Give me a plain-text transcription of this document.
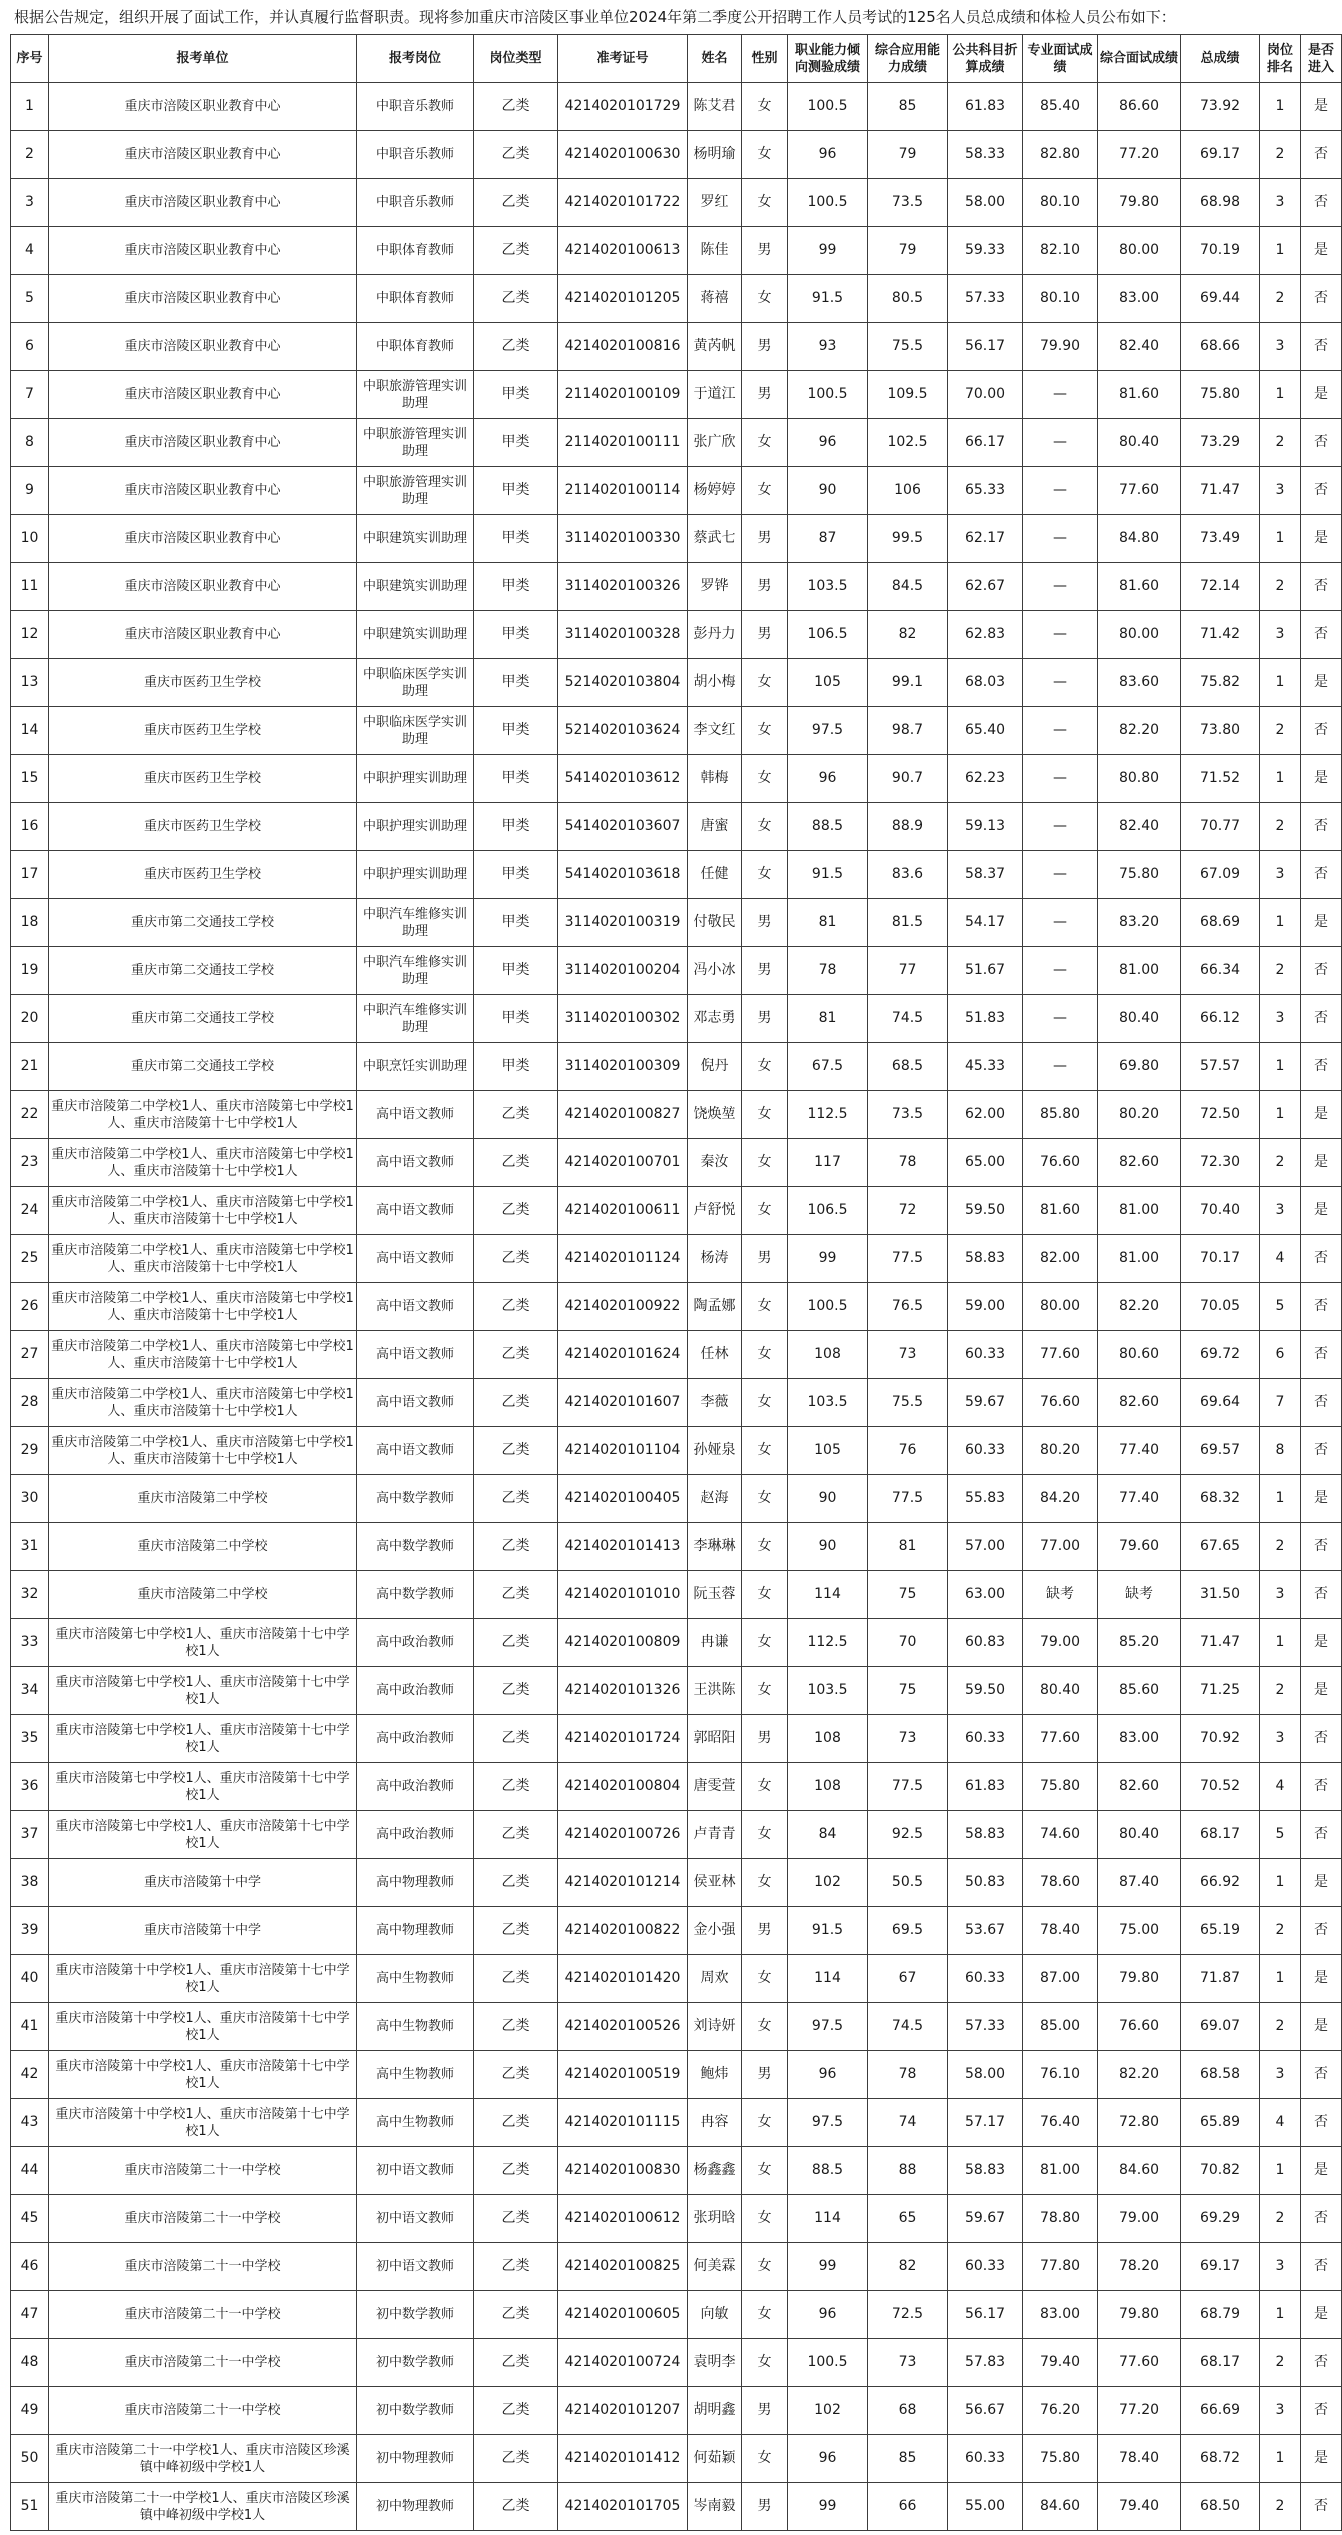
根据公告规定，组织开展了面试工作，并认真履行监督职责。现将参加重庆市涪陵区事业单位2024年第二季度公开招聘工作人员考试的125名人员总成绩和体检人员公布如下：
序号	报考单位	报考岗位	岗位类型	准考证号	姓名	性别	职业能力倾向测验成绩	综合应用能力成绩	公共科目折算成绩	专业面试成绩	综合面试成绩	总成绩	岗位排名	是否进入
1	重庆市涪陵区职业教育中心	中职音乐教师	乙类	4214020101729	陈艾君	女	100.5	85	61.83	85.40	86.60	73.92	1	是
2	重庆市涪陵区职业教育中心	中职音乐教师	乙类	4214020100630	杨明瑜	女	96	79	58.33	82.80	77.20	69.17	2	否
3	重庆市涪陵区职业教育中心	中职音乐教师	乙类	4214020101722	罗红	女	100.5	73.5	58.00	80.10	79.80	68.98	3	否
4	重庆市涪陵区职业教育中心	中职体育教师	乙类	4214020100613	陈佳	男	99	79	59.33	82.10	80.00	70.19	1	是
5	重庆市涪陵区职业教育中心	中职体育教师	乙类	4214020101205	蒋禧	女	91.5	80.5	57.33	80.10	83.00	69.44	2	否
6	重庆市涪陵区职业教育中心	中职体育教师	乙类	4214020100816	黄芮帆	男	93	75.5	56.17	79.90	82.40	68.66	3	否
7	重庆市涪陵区职业教育中心	中职旅游管理实训助理	甲类	2114020100109	于道江	男	100.5	109.5	70.00	—	81.60	75.80	1	是
8	重庆市涪陵区职业教育中心	中职旅游管理实训助理	甲类	2114020100111	张广欣	女	96	102.5	66.17	—	80.40	73.29	2	否
9	重庆市涪陵区职业教育中心	中职旅游管理实训助理	甲类	2114020100114	杨婷婷	女	90	106	65.33	—	77.60	71.47	3	否
10	重庆市涪陵区职业教育中心	中职建筑实训助理	甲类	3114020100330	蔡武七	男	87	99.5	62.17	—	84.80	73.49	1	是
11	重庆市涪陵区职业教育中心	中职建筑实训助理	甲类	3114020100326	罗铧	男	103.5	84.5	62.67	—	81.60	72.14	2	否
12	重庆市涪陵区职业教育中心	中职建筑实训助理	甲类	3114020100328	彭丹力	男	106.5	82	62.83	—	80.00	71.42	3	否
13	重庆市医药卫生学校	中职临床医学实训助理	甲类	5214020103804	胡小梅	女	105	99.1	68.03	—	83.60	75.82	1	是
14	重庆市医药卫生学校	中职临床医学实训助理	甲类	5214020103624	李文红	女	97.5	98.7	65.40	—	82.20	73.80	2	否
15	重庆市医药卫生学校	中职护理实训助理	甲类	5414020103612	韩梅	女	96	90.7	62.23	—	80.80	71.52	1	是
16	重庆市医药卫生学校	中职护理实训助理	甲类	5414020103607	唐蜜	女	88.5	88.9	59.13	—	82.40	70.77	2	否
17	重庆市医药卫生学校	中职护理实训助理	甲类	5414020103618	任健	女	91.5	83.6	58.37	—	75.80	67.09	3	否
18	重庆市第二交通技工学校	中职汽车维修实训助理	甲类	3114020100319	付敬民	男	81	81.5	54.17	—	83.20	68.69	1	是
19	重庆市第二交通技工学校	中职汽车维修实训助理	甲类	3114020100204	冯小冰	男	78	77	51.67	—	81.00	66.34	2	否
20	重庆市第二交通技工学校	中职汽车维修实训助理	甲类	3114020100302	邓志勇	男	81	74.5	51.83	—	80.40	66.12	3	否
21	重庆市第二交通技工学校	中职烹饪实训助理	甲类	3114020100309	倪丹	女	67.5	68.5	45.33	—	69.80	57.57	1	否
22	重庆市涪陵第二中学校1人、重庆市涪陵第七中学校1人、重庆市涪陵第十七中学校1人	高中语文教师	乙类	4214020100827	饶焕堃	女	112.5	73.5	62.00	85.80	80.20	72.50	1	是
23	重庆市涪陵第二中学校1人、重庆市涪陵第七中学校1人、重庆市涪陵第十七中学校1人	高中语文教师	乙类	4214020100701	秦汝	女	117	78	65.00	76.60	82.60	72.30	2	是
24	重庆市涪陵第二中学校1人、重庆市涪陵第七中学校1人、重庆市涪陵第十七中学校1人	高中语文教师	乙类	4214020100611	卢舒悦	女	106.5	72	59.50	81.60	81.00	70.40	3	是
25	重庆市涪陵第二中学校1人、重庆市涪陵第七中学校1人、重庆市涪陵第十七中学校1人	高中语文教师	乙类	4214020101124	杨涛	男	99	77.5	58.83	82.00	81.00	70.17	4	否
26	重庆市涪陵第二中学校1人、重庆市涪陵第七中学校1人、重庆市涪陵第十七中学校1人	高中语文教师	乙类	4214020100922	陶孟娜	女	100.5	76.5	59.00	80.00	82.20	70.05	5	否
27	重庆市涪陵第二中学校1人、重庆市涪陵第七中学校1人、重庆市涪陵第十七中学校1人	高中语文教师	乙类	4214020101624	任林	女	108	73	60.33	77.60	80.60	69.72	6	否
28	重庆市涪陵第二中学校1人、重庆市涪陵第七中学校1人、重庆市涪陵第十七中学校1人	高中语文教师	乙类	4214020101607	李薇	女	103.5	75.5	59.67	76.60	82.60	69.64	7	否
29	重庆市涪陵第二中学校1人、重庆市涪陵第七中学校1人、重庆市涪陵第十七中学校1人	高中语文教师	乙类	4214020101104	孙娅泉	女	105	76	60.33	80.20	77.40	69.57	8	否
30	重庆市涪陵第二中学校	高中数学教师	乙类	4214020100405	赵海	女	90	77.5	55.83	84.20	77.40	68.32	1	是
31	重庆市涪陵第二中学校	高中数学教师	乙类	4214020101413	李琳琳	女	90	81	57.00	77.00	79.60	67.65	2	否
32	重庆市涪陵第二中学校	高中数学教师	乙类	4214020101010	阮玉蓉	女	114	75	63.00	缺考	缺考	31.50	3	否
33	重庆市涪陵第七中学校1人、重庆市涪陵第十七中学校1人	高中政治教师	乙类	4214020100809	冉谦	女	112.5	70	60.83	79.00	85.20	71.47	1	是
34	重庆市涪陵第七中学校1人、重庆市涪陵第十七中学校1人	高中政治教师	乙类	4214020101326	王洪陈	女	103.5	75	59.50	80.40	85.60	71.25	2	是
35	重庆市涪陵第七中学校1人、重庆市涪陵第十七中学校1人	高中政治教师	乙类	4214020101724	郭昭阳	男	108	73	60.33	77.60	83.00	70.92	3	否
36	重庆市涪陵第七中学校1人、重庆市涪陵第十七中学校1人	高中政治教师	乙类	4214020100804	唐雯萱	女	108	77.5	61.83	75.80	82.60	70.52	4	否
37	重庆市涪陵第七中学校1人、重庆市涪陵第十七中学校1人	高中政治教师	乙类	4214020100726	卢青青	女	84	92.5	58.83	74.60	80.40	68.17	5	否
38	重庆市涪陵第十中学	高中物理教师	乙类	4214020101214	侯亚林	女	102	50.5	50.83	78.60	87.40	66.92	1	是
39	重庆市涪陵第十中学	高中物理教师	乙类	4214020100822	金小强	男	91.5	69.5	53.67	78.40	75.00	65.19	2	否
40	重庆市涪陵第十中学校1人、重庆市涪陵第十七中学校1人	高中生物教师	乙类	4214020101420	周欢	女	114	67	60.33	87.00	79.80	71.87	1	是
41	重庆市涪陵第十中学校1人、重庆市涪陵第十七中学校1人	高中生物教师	乙类	4214020100526	刘诗妍	女	97.5	74.5	57.33	85.00	76.60	69.07	2	是
42	重庆市涪陵第十中学校1人、重庆市涪陵第十七中学校1人	高中生物教师	乙类	4214020100519	鲍炜	男	96	78	58.00	76.10	82.20	68.58	3	否
43	重庆市涪陵第十中学校1人、重庆市涪陵第十七中学校1人	高中生物教师	乙类	4214020101115	冉容	女	97.5	74	57.17	76.40	72.80	65.89	4	否
44	重庆市涪陵第二十一中学校	初中语文教师	乙类	4214020100830	杨鑫鑫	女	88.5	88	58.83	81.00	84.60	70.82	1	是
45	重庆市涪陵第二十一中学校	初中语文教师	乙类	4214020100612	张玥晗	女	114	65	59.67	78.80	79.00	69.29	2	否
46	重庆市涪陵第二十一中学校	初中语文教师	乙类	4214020100825	何美霖	女	99	82	60.33	77.80	78.20	69.17	3	否
47	重庆市涪陵第二十一中学校	初中数学教师	乙类	4214020100605	向敏	女	96	72.5	56.17	83.00	79.80	68.79	1	是
48	重庆市涪陵第二十一中学校	初中数学教师	乙类	4214020100724	袁明李	女	100.5	73	57.83	79.40	77.60	68.17	2	否
49	重庆市涪陵第二十一中学校	初中数学教师	乙类	4214020101207	胡明鑫	男	102	68	56.67	76.20	77.20	66.69	3	否
50	重庆市涪陵第二十一中学校1人、重庆市涪陵区珍溪镇中峰初级中学校1人	初中物理教师	乙类	4214020101412	何茹颖	女	96	85	60.33	75.80	78.40	68.72	1	是
51	重庆市涪陵第二十一中学校1人、重庆市涪陵区珍溪镇中峰初级中学校1人	初中物理教师	乙类	4214020101705	岑南毅	男	99	66	55.00	84.60	79.40	68.50	2	否
